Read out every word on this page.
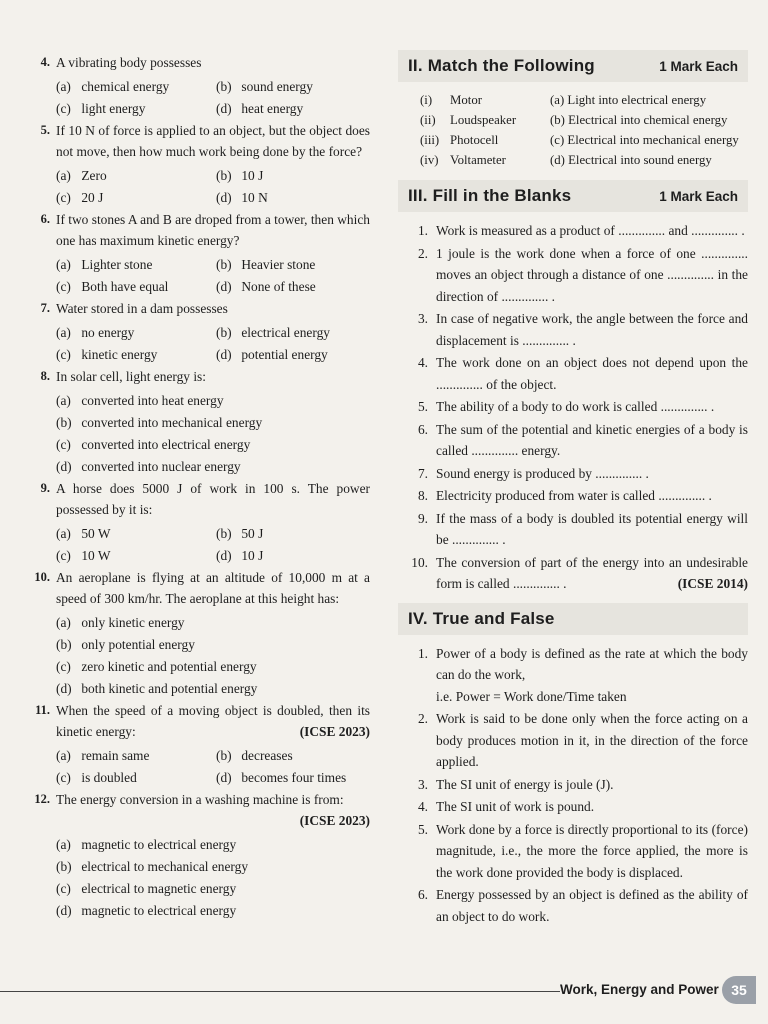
4. A vibrating body possesses
(a) chemical energy	(b) sound energy
(c) light energy	(d) heat energy
5. If 10 N of force is applied to an object, but the object does not move, then how much work being done by the force?
(a) Zero	(b) 10 J
(c) 20 J	(d) 10 N
6. If two stones A and B are droped from a tower, then which one has maximum kinetic energy?
(a) Lighter stone	(b) Heavier stone
(c) Both have equal	(d) None of these
7. Water stored in a dam possesses
(a) no energy	(b) electrical energy
(c) kinetic energy	(d) potential energy
8. In solar cell, light energy is:
(a) converted into heat energy
(b) converted into mechanical energy
(c) converted into electrical energy
(d) converted into nuclear energy
9. A horse does 5000 J of work in 100 s. The power possessed by it is:
(a) 50 W	(b) 50 J
(c) 10 W	(d) 10 J
10. An aeroplane is flying at an altitude of 10,000 m at a speed of 300 km/hr. The aeroplane at this height has:
(a) only kinetic energy
(b) only potential energy
(c) zero kinetic and potential energy
(d) both kinetic and potential energy
11. When the speed of a moving object is doubled, then its kinetic energy:	(ICSE 2023)
(a) remain same	(b) decreases
(c) is doubled	(d) becomes four times
12. The energy conversion in a washing machine is from:
(ICSE 2023)
(a) magnetic to electrical energy
(b) electrical to mechanical energy
(c) electrical to magnetic energy
(d) magnetic to electrical energy
II. Match the Following	1 Mark Each
(i)	Motor	(a) Light into electrical energy
(ii)	Loudspeaker	(b) Electrical into chemical energy
(iii) Photocell	(c) Electrical into mechanical energy
(iv) Voltameter	(d) Electrical into sound energy
III. Fill in the Blanks	1 Mark Each
1. Work is measured as a product of .............. and .............. .
2. 1 joule is the work done when a force of one .............. moves an object through a distance of one .............. in the direction of .............. .
3. In case of negative work, the angle between the force and displacement is .............. .
4. The work done on an object does not depend upon the .............. of the object.
5. The ability of a body to do work is called .............. .
6. The sum of the potential and kinetic energies of a body is called .............. energy.
7. Sound energy is produced by .............. .
8. Electricity produced from water is called .............. .
9. If the mass of a body is doubled its potential energy will be .............. .
10. The conversion of part of the energy into an undesirable form is called .............. .	(ICSE 2014)
IV. True and False
1. Power of a body is defined as the rate at which the body can do the work,
i.e. Power = Work done/Time taken
2. Work is said to be done only when the force acting on a body produces motion in it, in the direction of the force applied.
3. The SI unit of energy is joule (J).
4. The SI unit of work is pound.
5. Work done by a force is directly proportional to its (force) magnitude, i.e., the more the force applied, the more is the work done provided the body is displaced.
6. Energy possessed by an object is defined as the ability of an object to do work.
Work, Energy and Power 35
